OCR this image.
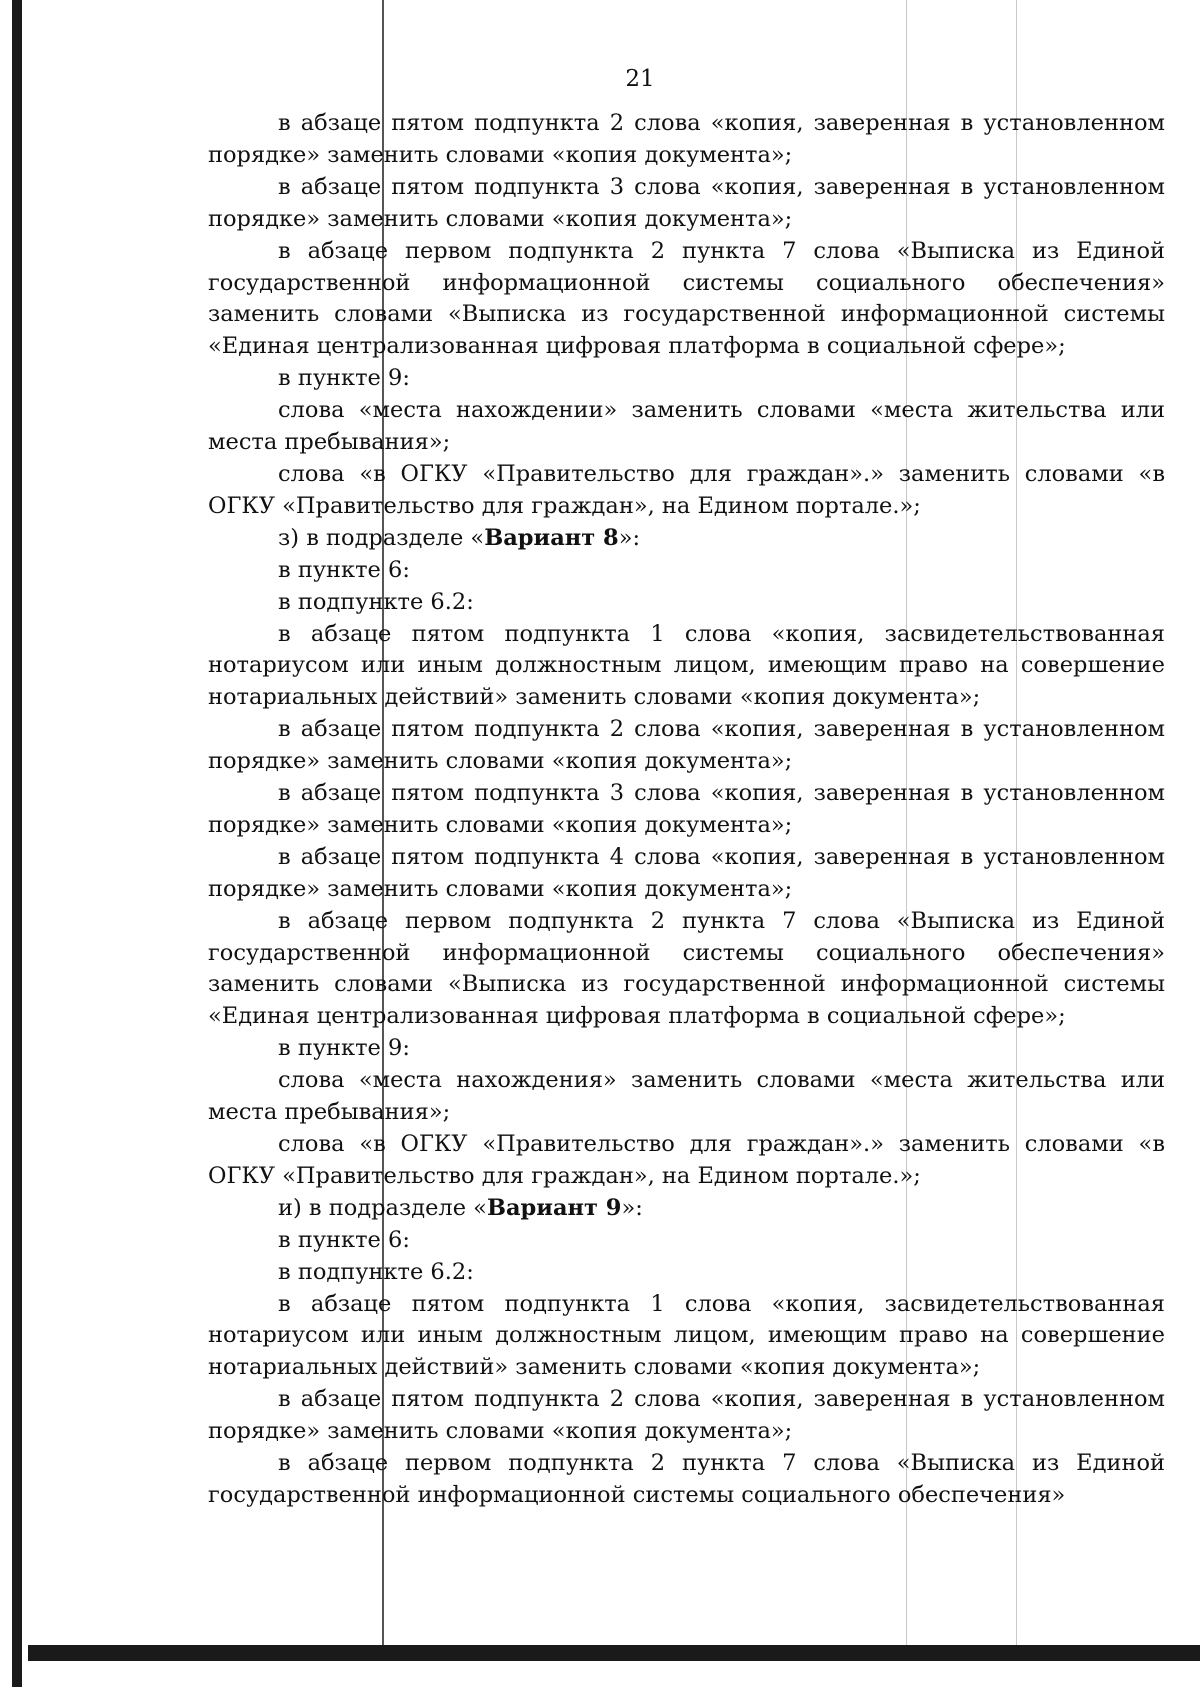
21

в абзаце пятом подпункта 2 слова «копия, заверенная в установленном порядке» заменить словами «копия документа»;

в абзаце пятом подпункта 3 слова «копия, заверенная в установленном порядке» заменить словами «копия документа»;

в абзаце первом подпункта 2 пункта 7 слова «Выписка из Единой государственной информационной системы социального обеспечения» заменить словами «Выписка из государственной информационной системы «Единая централизованная цифровая платформа в социальной сфере»;

в пункте 9:

слова «места нахождении» заменить словами «места жительства или места пребывания»;

слова «в ОГКУ «Правительство для граждан».» заменить словами «в ОГКУ «Правительство для граждан», на Едином портале.»;

з) в подразделе «Вариант 8»:

в пункте 6:

в подпункте 6.2:

в абзаце пятом подпункта 1 слова «копия, засвидетельствованная нотариусом или иным должностным лицом, имеющим право на совершение нотариальных действий» заменить словами «копия документа»;

в абзаце пятом подпункта 2 слова «копия, заверенная в установленном порядке» заменить словами «копия документа»;

в абзаце пятом подпункта 3 слова «копия, заверенная в установленном порядке» заменить словами «копия документа»;

в абзаце пятом подпункта 4 слова «копия, заверенная в установленном порядке» заменить словами «копия документа»;

в абзаце первом подпункта 2 пункта 7 слова «Выписка из Единой государственной информационной системы социального обеспечения» заменить словами «Выписка из государственной информационной системы «Единая централизованная цифровая платформа в социальной сфере»;

в пункте 9:

слова «места нахождения» заменить словами «места жительства или места пребывания»;

слова «в ОГКУ «Правительство для граждан».» заменить словами «в ОГКУ «Правительство для граждан», на Едином портале.»;

и) в подразделе «Вариант 9»:

в пункте 6:

в подпункте 6.2:

в абзаце пятом подпункта 1 слова «копия, засвидетельствованная нотариусом или иным должностным лицом, имеющим право на совершение нотариальных действий» заменить словами «копия документа»;

в абзаце пятом подпункта 2 слова «копия, заверенная в установленном порядке» заменить словами «копия документа»;

в абзаце первом подпункта 2 пункта 7 слова «Выписка из Единой государственной информационной системы социального обеспечения»
